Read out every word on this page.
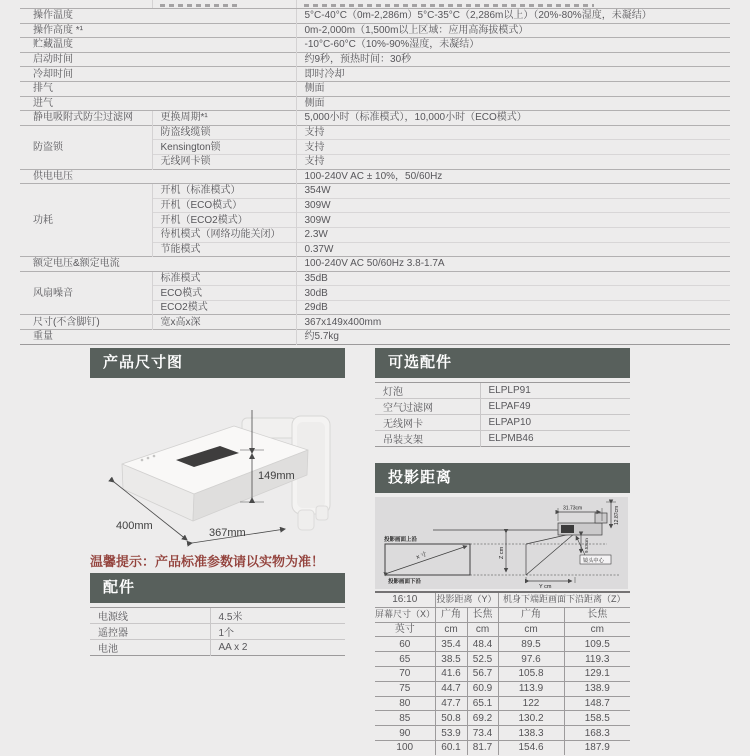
操作温度		5°C-40°C（0m-2,286m）5°C-35°C（2,286m以上）（20%-80%湿度，未凝结）
操作高度 *¹		0m-2,000m（1,500m以上区域：应用高海拔模式）
贮藏温度		-10°C-60°C（10%-90%湿度，未凝结）
启动时间		约9秒，预热时间：30秒
冷却时间		即时冷却
排气		侧面
进气		侧面
静电吸附式防尘过滤网	更换周期*¹	5,000小时（标准模式），10,000小时（ECO模式）
防盗锁	防盗线缆锁	支持
	Kensington锁	支持
	无线网卡锁	支持
供电电压		100-240V AC ± 10%，50/60Hz
功耗	开机（标准模式）	354W
	开机（ECO模式）	309W
	开机（ECO2模式）	309W
	待机模式（网络功能关闭）	2.3W
	节能模式	0.37W
额定电压&额定电流		100-240V AC 50/60Hz 3.8-1.7A
风扇噪音	标准模式	35dB
	ECO模式	30dB
	ECO2模式	29dB
尺寸(不含脚钉)	宽x高x深	367x149x400mm
重量		约5.7kg
产品尺寸图	可选配件
投影距离
配件
灯泡	ELPLP91
空气过滤网	ELPAF49
无线网卡	ELPAP10
吊装支架	ELPMB46
149mm
400mm
367mm
温馨提示：产品标准参数请以实物为准！
电源线	4.5米
遥控器	1个
电池	AA x 2
投影画面上沿
投影画面下沿
x 寸	Z cm
Y cm
31.73cm	12.87cm
9.53cm
镜头中心
16:10	投影距离（Y）		机身下端距画面下沿距离（Z）	
屏幕尺寸（X）	广角	长焦	广角	长焦
英寸	cm	cm	cm	cm
60	35.4	48.4	89.5	109.5
65	38.5	52.5	97.6	119.3
70	41.6	56.7	105.8	129.1
75	44.7	60.9	113.9	138.9
80	47.7	65.1	122	148.7
85	50.8	69.2	130.2	158.5
90	53.9	73.4	138.3	168.3
100	60.1	81.7	154.6	187.9
